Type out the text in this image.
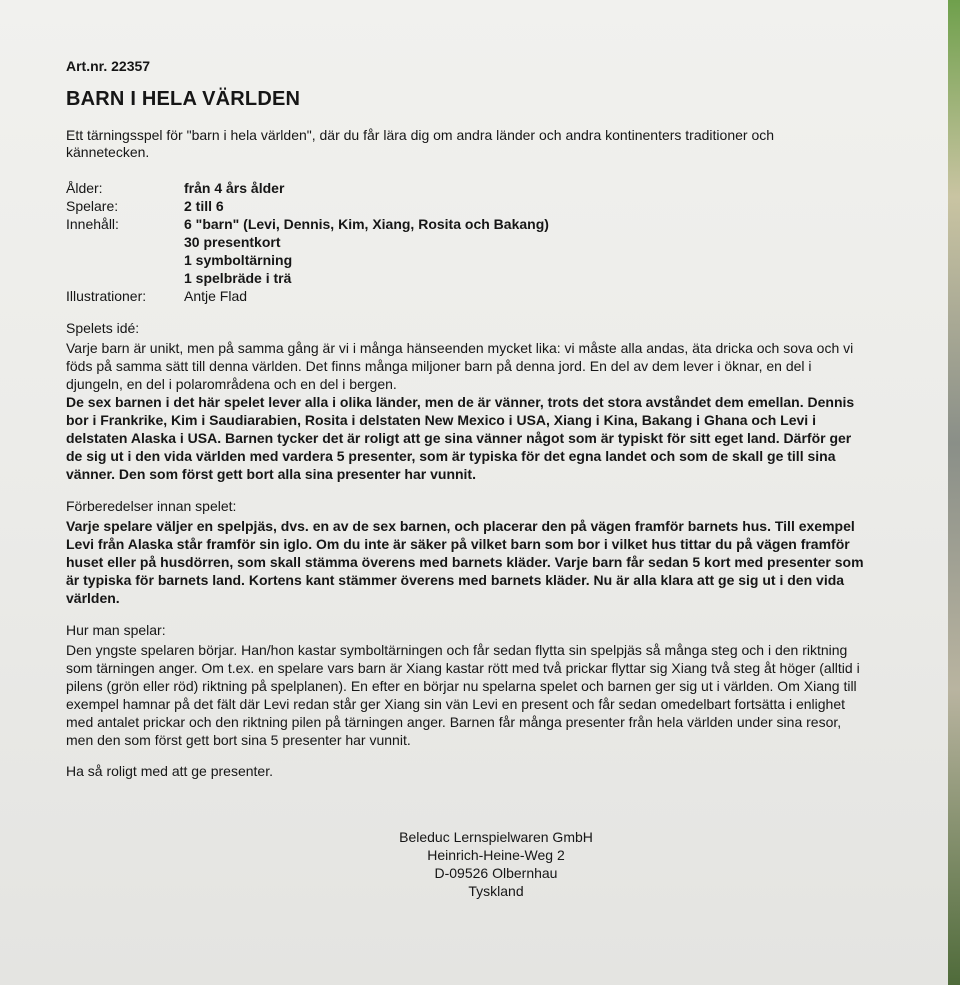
Art.nr. 22357
BARN I HELA VÄRLDEN
Ett tärningsspel för "barn i hela världen", där du får lära dig om andra länder och andra kontinenters traditioner och kännetecken.
Ålder:	från 4 års ålder
Spelare:	2 till 6
Innehåll:	6 "barn" (Levi, Dennis, Kim, Xiang, Rosita och Bakang)
30 presentkort
1 symboltärning
1 spelbräde i trä
Illustrationer:	Antje Flad
Spelets idé:

Varje barn är unikt, men på samma gång är vi i många hänseenden mycket lika: vi måste alla andas, äta dricka och sova och vi föds på samma sätt till denna världen. Det finns många miljoner barn på denna jord. En del av dem lever i öknar, en del i djungeln, en del i polarområdena och en del i bergen.

De sex barnen i det här spelet lever alla i olika länder, men de är vänner, trots det stora avståndet dem emellan. Dennis bor i Frankrike, Kim i Saudiarabien, Rosita i delstaten New Mexico i USA, Xiang i Kina, Bakang i Ghana och Levi i delstaten Alaska i USA. Barnen tycker det är roligt att ge sina vänner något som är typiskt för sitt eget land. Därför ger de sig ut i den vida världen med vardera 5 presenter, som är typiska för det egna landet och som de skall ge till sina vänner. Den som först gett bort alla sina presenter har vunnit.

Förberedelser innan spelet:

Varje spelare väljer en spelpjäs, dvs. en av de sex barnen, och placerar den på vägen framför barnets hus. Till exempel Levi från Alaska står framför sin iglo. Om du inte är säker på vilket barn som bor i vilket hus tittar du på vägen framför huset eller på husdörren, som skall stämma överens med barnets kläder. Varje barn får sedan 5 kort med presenter som är typiska för barnets land. Kortens kant stämmer överens med barnets kläder. Nu är alla klara att ge sig ut i den vida världen.

Hur man spelar:

Den yngste spelaren börjar. Han/hon kastar symboltärningen och får sedan flytta sin spelpjäs så många steg och i den riktning som tärningen anger. Om t.ex. en spelare vars barn är Xiang kastar rött med två prickar flyttar sig Xiang två steg åt höger (alltid i pilens (grön eller röd) riktning på spelplanen). En efter en börjar nu spelarna spelet och barnen ger sig ut i världen. Om Xiang till exempel hamnar på det fält där Levi redan står ger Xiang sin vän Levi en present och får sedan omedelbart fortsätta i enlighet med antalet prickar och den riktning pilen på tärningen anger. Barnen får många presenter från hela världen under sina resor, men den som först gett bort sina 5 presenter har vunnit.

Ha så roligt med att ge presenter.
Beleduc Lernspielwaren GmbH
Heinrich-Heine-Weg 2
D-09526 Olbernhau
Tyskland
